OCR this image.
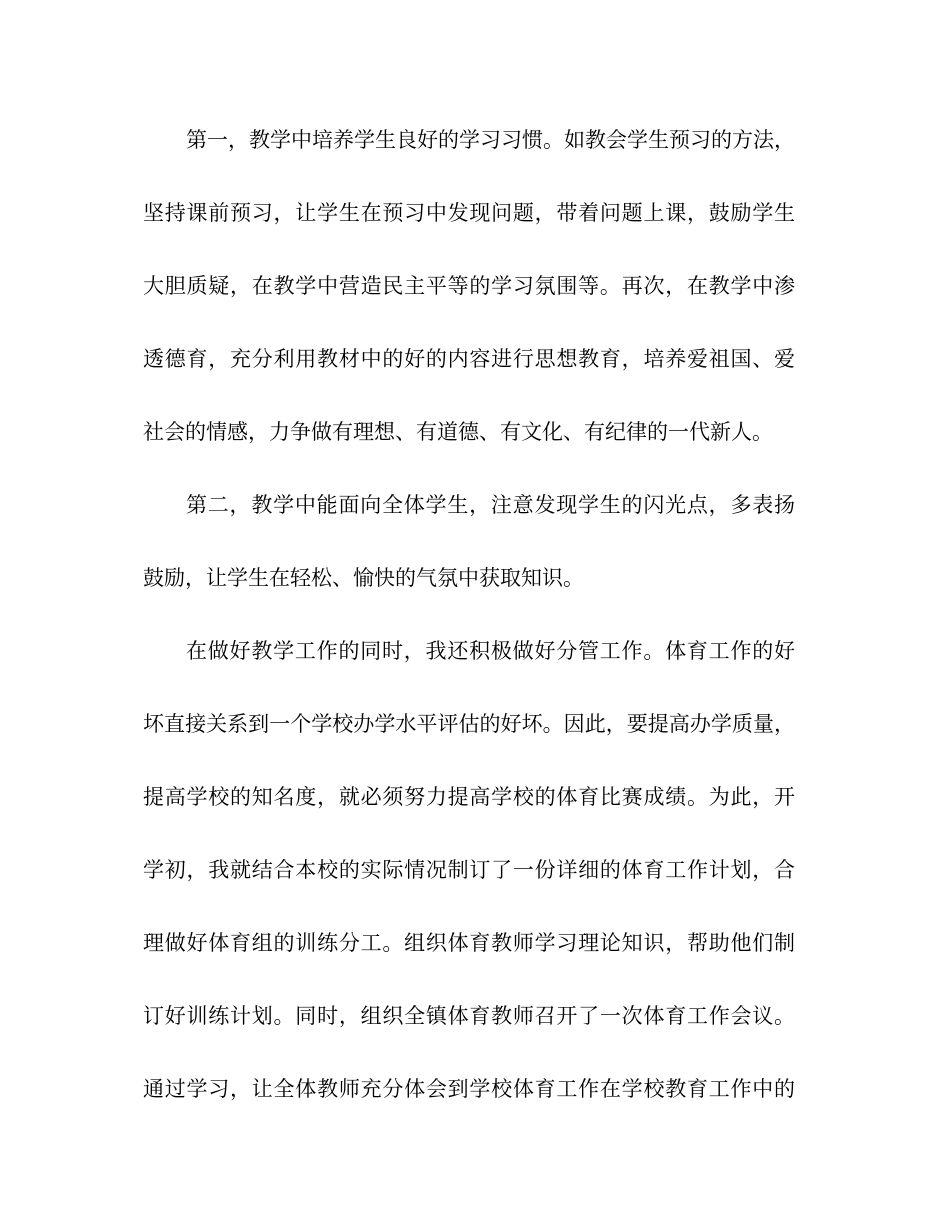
第一，教学中培养学生良好的学习习惯。如教会学生预习的方法，
坚持课前预习，让学生在预习中发现问题，带着问题上课，鼓励学生
大胆质疑，在教学中营造民主平等的学习氛围等。再次，在教学中渗
透德育，充分利用教材中的好的内容进行思想教育，培养爱祖国、爱
社会的情感，力争做有理想、有道德、有文化、有纪律的一代新人。

第二，教学中能面向全体学生，注意发现学生的闪光点，多表扬
鼓励，让学生在轻松、愉快的气氛中获取知识。

在做好教学工作的同时，我还积极做好分管工作。体育工作的好
坏直接关系到一个学校办学水平评估的好坏。因此，要提高办学质量，
提高学校的知名度，就必须努力提高学校的体育比赛成绩。为此，开
学初，我就结合本校的实际情况制订了一份详细的体育工作计划，合
理做好体育组的训练分工。组织体育教师学习理论知识，帮助他们制
订好训练计划。同时，组织全镇体育教师召开了一次体育工作会议。
通过学习，让全体教师充分体会到学校体育工作在学校教育工作中的
